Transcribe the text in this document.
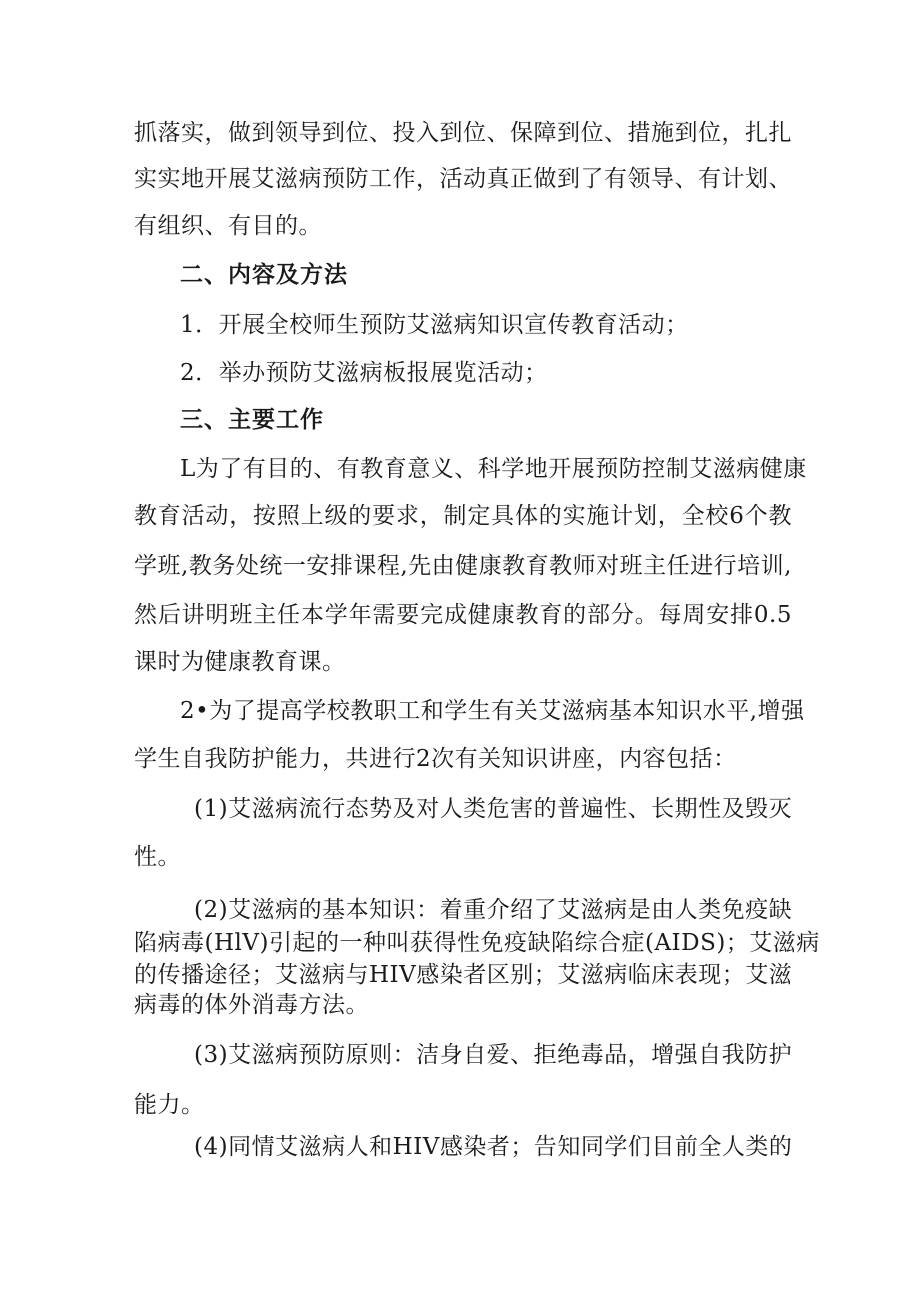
抓落实，做到领导到位、投入到位、保障到位、措施到位，扎扎
实实地开展艾滋病预防工作，活动真正做到了有领导、有计划、
有组织、有目的。
二、内容及方法
1．开展全校师生预防艾滋病知识宣传教育活动；
2．举办预防艾滋病板报展览活动；
三、主要工作
L为了有目的、有教育意义、科学地开展预防控制艾滋病健康
教育活动，按照上级的要求，制定具体的实施计划，全校6个教
学班,教务处统一安排课程,先由健康教育教师对班主任进行培训,
然后讲明班主任本学年需要完成健康教育的部分。每周安排0.5
课时为健康教育课。
2•为了提高学校教职工和学生有关艾滋病基本知识水平,增强
学生自我防护能力，共进行2次有关知识讲座，内容包括：
(1)艾滋病流行态势及对人类危害的普遍性、长期性及毁灭
性。
(2)艾滋病的基本知识：着重介绍了艾滋病是由人类免疫缺
陷病毒(HlV)引起的一种叫获得性免疫缺陷综合症(AIDS)；艾滋病
的传播途径；艾滋病与HIV感染者区别；艾滋病临床表现；艾滋
病毒的体外消毒方法。
(3)艾滋病预防原则：洁身自爱、拒绝毒品，增强自我防护
能力。
(4)同情艾滋病人和HIV感染者；告知同学们目前全人类的
